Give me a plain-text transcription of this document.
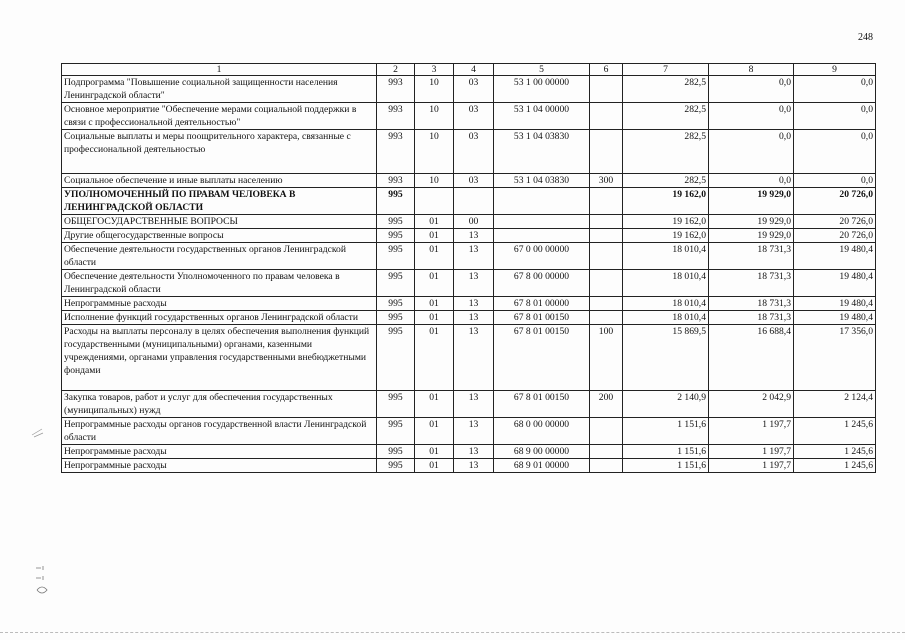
248
1	2	3	4	5	6	7	8	9
Подпрограмма "Повышение социальной защищенности населения Ленинградской области"	993	10	03	53 1 00 00000		282,5	0,0	0,0
Основное мероприятие "Обеспечение мерами социальной поддержки в связи с профессиональной деятельностью"	993	10	03	53 1 04 00000		282,5	0,0	0,0
Социальные выплаты и меры поощрительного характера, связанные с профессиональной деятельностью	993	10	03	53 1 04 03830		282,5	0,0	0,0
Социальное обеспечение и иные выплаты населению	993	10	03	53 1 04 03830	300	282,5	0,0	0,0
УПОЛНОМОЧЕННЫЙ ПО ПРАВАМ ЧЕЛОВЕКА В ЛЕНИНГРАДСКОЙ ОБЛАСТИ	995					19 162,0	19 929,0	20 726,0
ОБЩЕГОСУДАРСТВЕННЫЕ ВОПРОСЫ	995	01	00			19 162,0	19 929,0	20 726,0
Другие общегосударственные вопросы	995	01	13			19 162,0	19 929,0	20 726,0
Обеспечение деятельности государственных органов Ленинградской области	995	01	13	67 0 00 00000		18 010,4	18 731,3	19 480,4
Обеспечение деятельности Уполномоченного по правам человека в Ленинградской области	995	01	13	67 8 00 00000		18 010,4	18 731,3	19 480,4
Непрограммные расходы	995	01	13	67 8 01 00000		18 010,4	18 731,3	19 480,4
Исполнение функций государственных органов Ленинградской области	995	01	13	67 8 01 00150		18 010,4	18 731,3	19 480,4
Расходы на выплаты персоналу в целях обеспечения выполнения функций государственными (муниципальными) органами, казенными учреждениями, органами управления государственными внебюджетными фондами	995	01	13	67 8 01 00150	100	15 869,5	16 688,4	17 356,0
Закупка товаров, работ и услуг для обеспечения государственных (муниципальных) нужд	995	01	13	67 8 01 00150	200	2 140,9	2 042,9	2 124,4
Непрограммные расходы органов государственной власти Ленинградской области	995	01	13	68 0 00 00000		1 151,6	1 197,7	1 245,6
Непрограммные расходы	995	01	13	68 9 00 00000		1 151,6	1 197,7	1 245,6
Непрограммные расходы	995	01	13	68 9 01 00000		1 151,6	1 197,7	1 245,6
